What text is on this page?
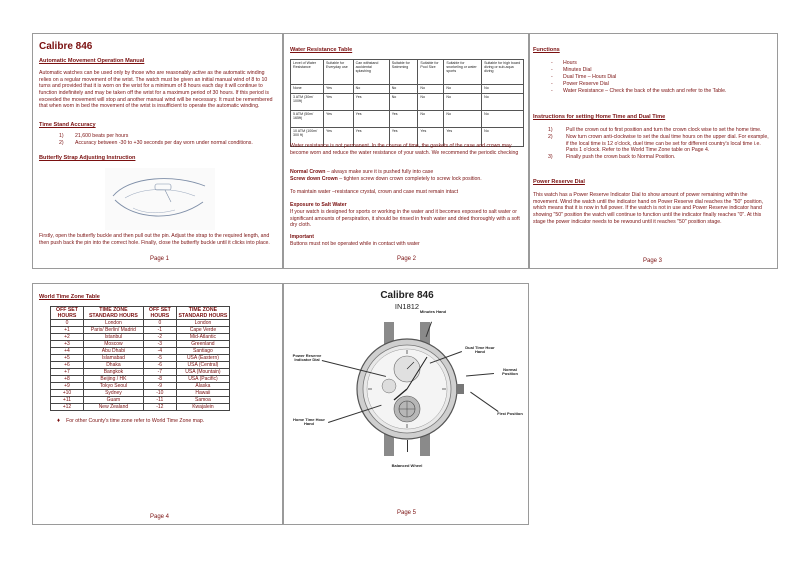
Calibre 846
Automatic Movement Operation Manual
Automatic watches can be used only by those who are reasonably active as the automatic winding relies on a regular movement of the wrist. The watch must be given an initial manual wind of 8 to 10 turns and provided that it is worn on the wrist for a minimum of 8 hours each day it will continue to function indefinitely and may be taken off the wrist for a maximum period of 30 hours. If this period is exceeded the movement will stop and another manual wind will be necessary. It must be remembered that when worn in bed the movement of the wrist is insufficient to operate the automatic winding.
Time Stand Accuracy
1) 21,600 beats per hours
2) Accuracy between -30 to +30 seconds per day worn under normal conditions.
Butterfly Strap Adjusting Instruction
Firstly, open the butterfly buckle and then pull out the pin. Adjust the strap to the required length, and then push back the pin into the correct hole. Finally, close the butterfly buckle until it clicks into place.
Page 1
Water Resistance Table
Level of Water Resistance	Suitable for Everyday use	Can withstand accidental splashing	Suitable for Swimming	Suitable for Pool Size	Suitable for snorkeling or water sports	Suitable for high board diving or sub-aqua diving
None	Yes	No	No	No	No	No
3 ATM (30m/ 100ft)	Yes	Yes	No	No	No	No
5 ATM (50m/ 165ft)	Yes	Yes	Yes	No	No	No
10 ATM (100m/ 300 ft)	Yes	Yes	Yes	Yes	Yes	No
Water resistance is not permanent. In the course of time, the gaskets of the case and crown may become worn and reduce the water resistance of your watch. We recommend the periodic checking
Normal Crown – always make sure it is pushed fully into case
Screw down Crown – tighten screw down crown completely to screw lock position.
To maintain water –resistance crystal, crown and case must remain intact
Exposure to Salt Water
If your watch is designed for sports or working in the water and it becomes exposed to salt water or significant amounts of perspiration, it should be rinsed in fresh water and dried thoroughly with a soft dry cloth.
Important
Buttons must not be operated while in contact with water
Page 2
Functions
- Hours
- Minutes Dial
- Dual Time – Hours Dial
- Power Reserve Dial
- Water Resistance – Check the back of the watch and refer to the Table.
Instructions for setting Home Time and Dual Time
1)	Pull the crown out to first position and turn the crown clock wise to set the home time.
2)	Now turn crown anti-clockwise to set the dual time hours on the upper dial. For example, if the local time is 12 o'clock, duel time can be set for different country's local time i.e. Paris 1 o'clock. Refer to the World Time Zone table on Page 4.
3)	Finally push the crown back to Normal Position.
Power Reserve Dial
This watch has a Power Reserve Indicator Dial to show amount of power remaining within the movement. Wind the watch until the indicator hand on Power Reserve dial reaches the "50" position, which means that it is now in full power. If the watch is not in use and Power Reserve indicator hand showing "50" position the watch will continue to function until the indicator finally reaches "0". At this stage the power indicator needs to be rewound until it reaches "50" position stage.
Page 3
World Time Zone Table
OFF SET HOURS	TIME ZONE STANDARD HOURS	OFF SET HOURS	TIME ZONE STANDARD HOURS
0	London	0	London
+1	Paris/ Berlin/ Madrid	-1	Cape Verde
+2	Istanbul	-2	Mid-Atlantic
+3	Moscow	-3	Greenland
+4	Abu Dhabi	-4	Santiago
+5	Islamabad	-5	USA (Eastern)
+6	Dhaka	-6	USA (Central)
+7	Bangkok	-7	USA (Mountain)
+8	Beijing / HK	-8	USA (Pacific)
+9	Tokyo Seoul	-9	Alaska
+10	Sydney	-10	Hawaii
+11	Guam	-11	Samoa
+12	New Zealand	-12	Kwajalein
♦ For other County's time zone refer to World Time Zone map.
Page 4
Calibre 846
IN1812
Minutes Hand
Power Reserve Indicator Dial
Dual Time Hour Hand
Normal Position
Home Time Hour Hand
First Position
Balanced Wheel
Page 5
